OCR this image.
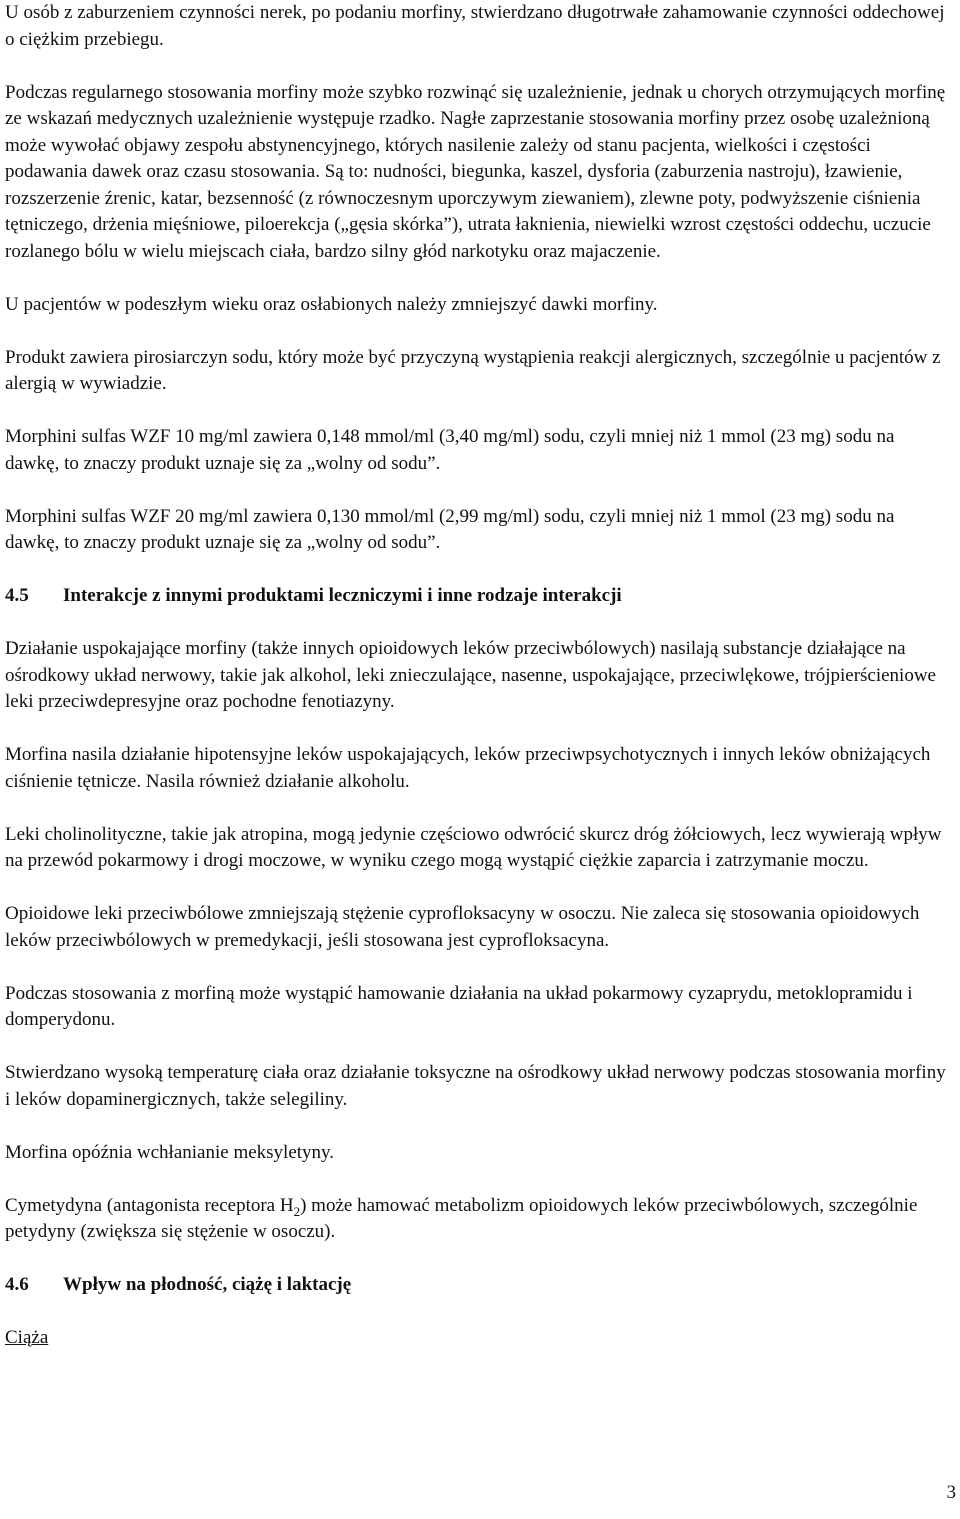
U osób z zaburzeniem czynności nerek, po podaniu morfiny, stwierdzano długotrwałe zahamowanie czynności oddechowej o ciężkim przebiegu.

Podczas regularnego stosowania morfiny może szybko rozwinąć się uzależnienie, jednak u chorych otrzymujących morfinę ze wskazań medycznych uzależnienie występuje rzadko. Nagłe zaprzestanie stosowania morfiny przez osobę uzależnioną może wywołać objawy zespołu abstynencyjnego, których nasilenie zależy od stanu pacjenta, wielkości i częstości podawania dawek oraz czasu stosowania. Są to: nudności, biegunka, kaszel, dysforia (zaburzenia nastroju), łzawienie, rozszerzenie źrenic, katar, bezsenność (z równoczesnym uporczywym ziewaniem), zlewne poty, podwyższenie ciśnienia tętniczego, drżenia mięśniowe, piloerekcja („gęsia skórka”), utrata łaknienia, niewielki wzrost częstości oddechu, uczucie rozlanego bólu w wielu miejscach ciała, bardzo silny głód narkotyku oraz majaczenie.

U pacjentów w podeszłym wieku oraz osłabionych należy zmniejszyć dawki morfiny.

Produkt zawiera pirosiarczyn sodu, który może być przyczyną wystąpienia reakcji alergicznych, szczególnie u pacjentów z alergią w wywiadzie.

Morphini sulfas WZF 10 mg/ml zawiera 0,148 mmol/ml (3,40 mg/ml) sodu, czyli mniej niż 1 mmol (23 mg) sodu na dawkę, to znaczy produkt uznaje się za „wolny od sodu”.

Morphini sulfas WZF 20 mg/ml zawiera 0,130 mmol/ml (2,99 mg/ml) sodu, czyli mniej niż 1 mmol (23 mg) sodu na dawkę, to znaczy produkt uznaje się za „wolny od sodu”.

4.5 Interakcje z innymi produktami leczniczymi i inne rodzaje interakcji

Działanie uspokajające morfiny (także innych opioidowych leków przeciwbólowych) nasilają substancje działające na ośrodkowy układ nerwowy, takie jak alkohol, leki znieczulające, nasenne, uspokajające, przeciwlękowe, trójpierścieniowe leki przeciwdepresyjne oraz pochodne fenotiazyny.

Morfina nasila działanie hipotensyjne leków uspokajających, leków przeciwpsychotycznych i innych leków obniżających ciśnienie tętnicze. Nasila również działanie alkoholu.

Leki cholinolityczne, takie jak atropina, mogą jedynie częściowo odwrócić skurcz dróg żółciowych, lecz wywierają wpływ na przewód pokarmowy i drogi moczowe, w wyniku czego mogą wystąpić ciężkie zaparcia i zatrzymanie moczu.

Opioidowe leki przeciwbólowe zmniejszają stężenie cyprofloksacyny w osoczu. Nie zaleca się stosowania opioidowych leków przeciwbólowych w premedykacji, jeśli stosowana jest cyprofloksacyna.

Podczas stosowania z morfiną może wystąpić hamowanie działania na układ pokarmowy cyzaprydu, metoklopramidu i domperydonu.

Stwierdzano wysoką temperaturę ciała oraz działanie toksyczne na ośrodkowy układ nerwowy podczas stosowania morfiny i leków dopaminergicznych, także selegiliny.

Morfina opóźnia wchłanianie meksyletyny.

Cymetydyna (antagonista receptora $H_2$) może hamować metabolizm opioidowych leków przeciwbólowych, szczególnie petydyny (zwiększa się stężenie w osoczu).

4.6 Wpływ na płodność, ciążę i laktację

Ciąża

3
